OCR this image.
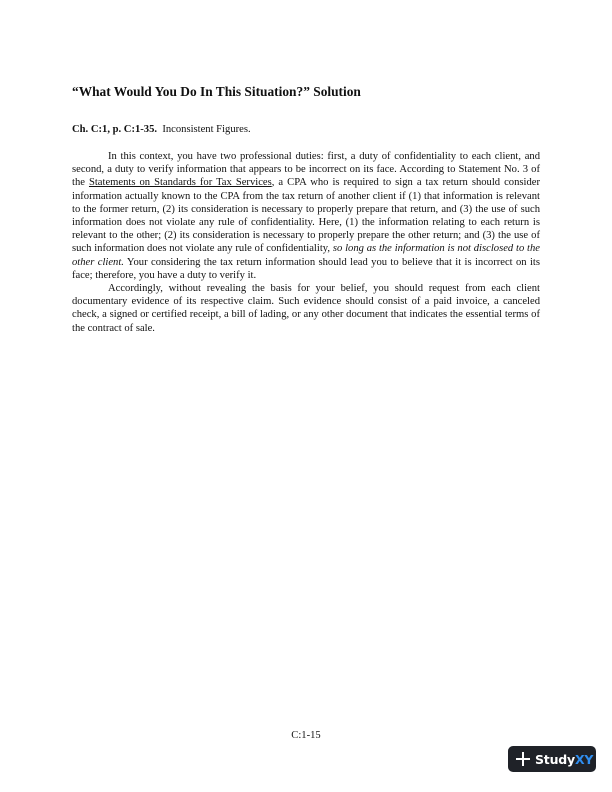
“What Would You Do In This Situation?” Solution
Ch. C:1, p. C:1-35. Inconsistent Figures.

In this context, you have two professional duties: first, a duty of confidentiality to each client, and second, a duty to verify information that appears to be incorrect on its face. According to Statement No. 3 of the Statements on Standards for Tax Services, a CPA who is required to sign a tax return should consider information actually known to the CPA from the tax return of another client if (1) that information is relevant to the former return, (2) its consideration is necessary to properly prepare that return, and (3) the use of such information does not violate any rule of confidentiality. Here, (1) the information relating to each return is relevant to the other; (2) its consideration is necessary to properly prepare the other return; and (3) the use of such information does not violate any rule of confidentiality, so long as the information is not disclosed to the other client. Your considering the tax return information should lead you to believe that it is incorrect on its face; therefore, you have a duty to verify it.

Accordingly, without revealing the basis for your belief, you should request from each client documentary evidence of its respective claim. Such evidence should consist of a paid invoice, a canceled check, a signed or certified receipt, a bill of lading, or any other document that indicates the essential terms of the contract of sale.

C:1-15
StudyXY
